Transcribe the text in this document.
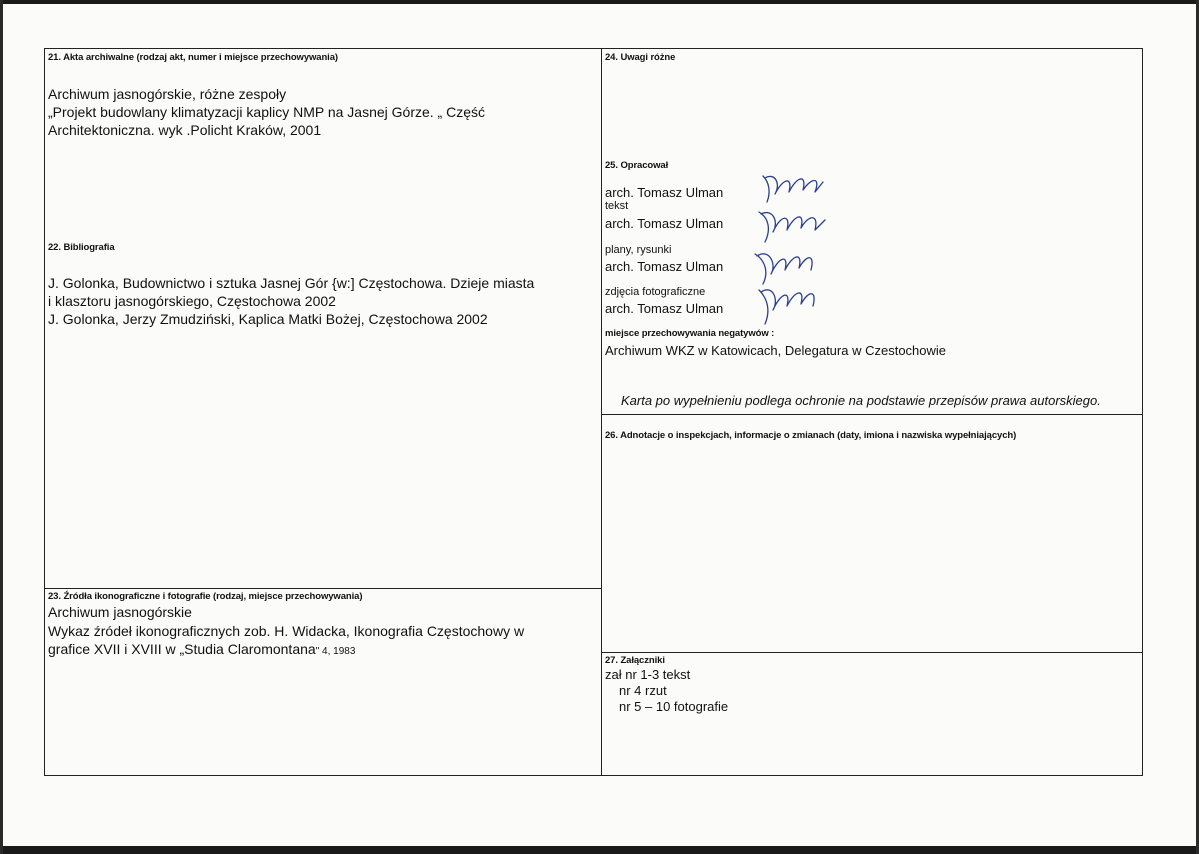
21. Akta archiwalne (rodzaj akt, numer i miejsce przechowywania)
Archiwum jasnogórskie, różne zespoły
„Projekt budowlany klimatyzacji kaplicy NMP na Jasnej Górze. „ Część
Architektoniczna. wyk .Policht Kraków, 2001
22. Bibliografia
J. Golonka, Budownictwo i sztuka Jasnej Gór {w:] Częstochowa. Dzieje miasta
i klasztoru jasnogórskiego, Częstochowa 2002
J. Golonka, Jerzy Zmudziński, Kaplica Matki Bożej, Częstochowa 2002
23. Źródła ikonograficzne i fotografie (rodzaj, miejsce przechowywania)
Archiwum jasnogórskie
Wykaz źródeł ikonograficznych zob. H. Widacka, Ikonografia Częstochowy w
grafice XVII i XVIII w „Studia Claromontana" 4, 1983
24. Uwagi różne
25. Opracował
arch. Tomasz Ulman
tekst
arch. Tomasz Ulman
plany, rysunki
arch. Tomasz Ulman
zdjęcia fotograficzne
arch. Tomasz Ulman
miejsce przechowywania negatywów :
Archiwum WKZ w Katowicach, Delegatura w Czestochowie
Karta po wypełnieniu podlega ochronie na podstawie przepisów prawa autorskiego.
26. Adnotacje o inspekcjach, informacje o zmianach (daty, imiona i nazwiska wypełniających)
27. Załączniki
zał nr 1-3 tekst
nr 4 rzut
nr 5 – 10 fotografie
